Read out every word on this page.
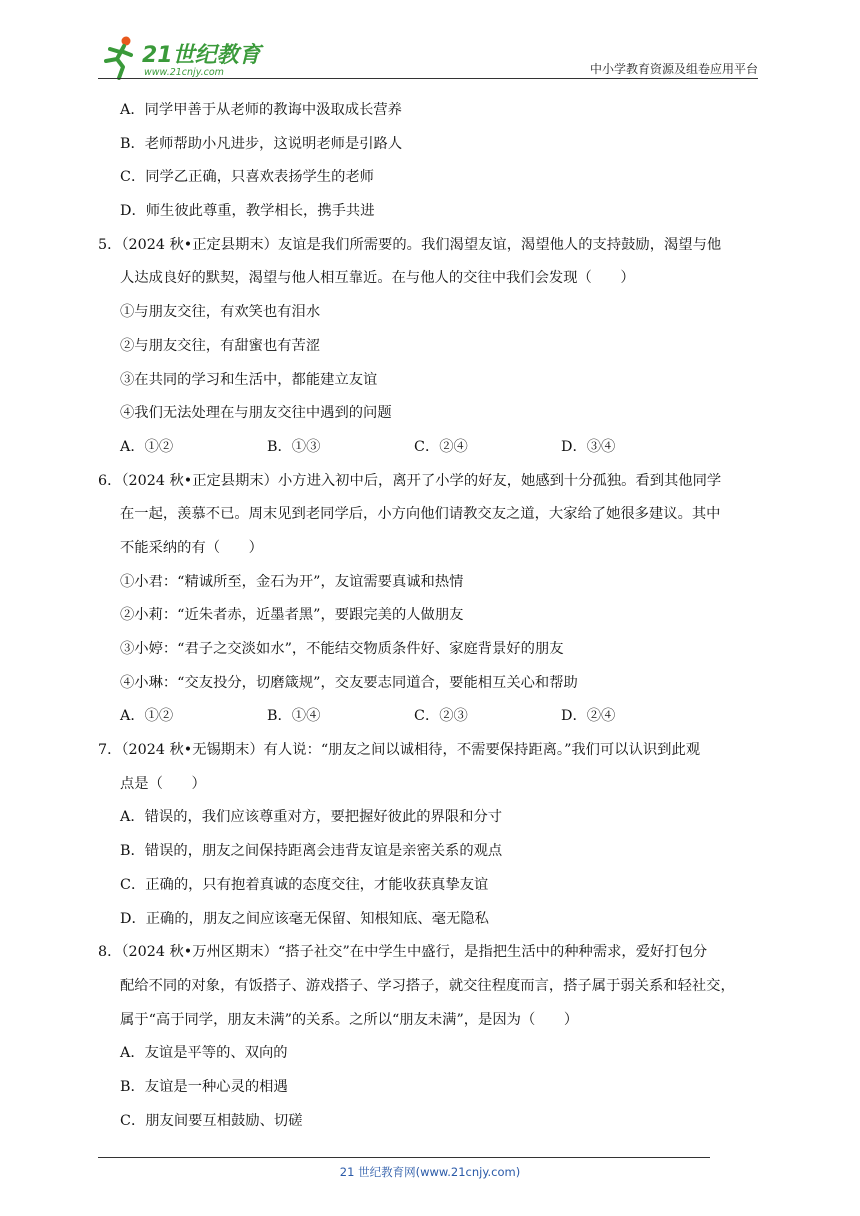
21世纪教育
www.21cnjy.com	中小学教育资源及组卷应用平台
A．同学甲善于从老师的教诲中汲取成长营养
B．老师帮助小凡进步，这说明老师是引路人
C．同学乙正确，只喜欢表扬学生的老师
D．师生彼此尊重，教学相长，携手共进
5．（2024 秋•正定县期末）友谊是我们所需要的。我们渴望友谊，渴望他人的支持鼓励，渴望与他
人达成良好的默契，渴望与他人相互靠近。在与他人的交往中我们会发现（　　）
①与朋友交往，有欢笑也有泪水
②与朋友交往，有甜蜜也有苦涩
③在共同的学习和生活中，都能建立友谊
④我们无法处理在与朋友交往中遇到的问题
A．①②	B．①③	C．②④	D．③④
6．（2024 秋•正定县期末）小方进入初中后，离开了小学的好友，她感到十分孤独。看到其他同学
在一起，羡慕不已。周末见到老同学后，小方向他们请教交友之道，大家给了她很多建议。其中
不能采纳的有（　　）
①小君：“精诚所至，金石为开”，友谊需要真诚和热情
②小莉：“近朱者赤，近墨者黑”，要跟完美的人做朋友
③小婷：“君子之交淡如水”，不能结交物质条件好、家庭背景好的朋友
④小琳：“交友投分，切磨箴规”，交友要志同道合，要能相互关心和帮助
A．①②	B．①④	C．②③	D．②④
7．（2024 秋•无锡期末）有人说：“朋友之间以诚相待，不需要保持距离。”我们可以认识到此观
点是（　　）
A．错误的，我们应该尊重对方，要把握好彼此的界限和分寸
B．错误的，朋友之间保持距离会违背友谊是亲密关系的观点
C．正确的，只有抱着真诚的态度交往，才能收获真挚友谊
D．正确的，朋友之间应该毫无保留、知根知底、毫无隐私
8．（2024 秋•万州区期末）“搭子社交”在中学生中盛行，是指把生活中的种种需求，爱好打包分
配给不同的对象，有饭搭子、游戏搭子、学习搭子，就交往程度而言，搭子属于弱关系和轻社交，
属于“高于同学，朋友未满”的关系。之所以“朋友未满”，是因为（　　）
A．友谊是平等的、双向的
B．友谊是一种心灵的相遇
C．朋友间要互相鼓励、切磋
21 世纪教育网(www.21cnjy.com)
